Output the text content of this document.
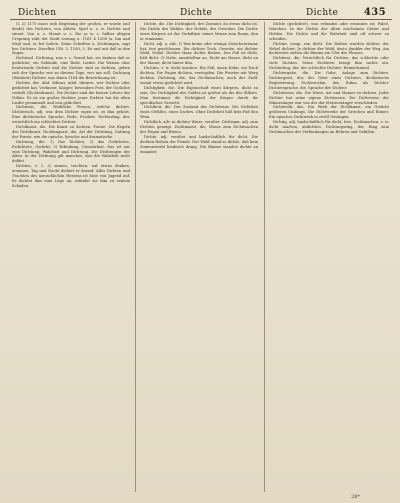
Dichten	Dichte	Dichte	435

(I, 2) 1175 muss rath Begehung der großen, er warde (auf denbt) des Dichters, von Ablehr, Spiel u. s. w. Dichtet und sinnet. Von u. s. Monat u. s. Die ja w. s. halber altigen Ursprung ruht der Stadt vermag u. 1161 4 1208 (a. hin und Meyl und, w. bet halten. Seine Schriften u. Dichtungen, sagt bes Dichters. Daselbst Ufh. 2. 1160, 5. Es und mit daß in den Sagen.

Dichtend. Dichtung, was v. s. Grund hat, sie denken daß er gedichtet; ein Gebäude, eine Rede, Lieder. Die Weisen ober bedeutende Dichter und die Dichter sind zu dichten, geben sich der Sprache wie zu diesem Tage, wer um soll; Dichtung (Weisheit) Dichter, was ihnen 1164 die Bezeichnung ist.

Dichter, der. Ahd. dihtari, mhd. tihtære, wer Dichter oder gedichtet hat, Verfasser, Sänger; besonders Poet, der Gedichte verfaßt (Dichterkunst). Die Dichter sind die besten Lehrer des Volkes. Er ist ein großer Dichter; jener Dichter hat die alten Lieder gesammelt und neu gedichtet.

Dichterin, die. Weibliche Person, welche dichtet. Dichterisch, adj. was dem Dichter eigen ist, zu ihm gehört. Eine dichterische Sprache, Rede, Freiheit. Dichterling, der, verächtlich ein schlechter Dichter.

Dichtkunst, die. Die Kunst zu dichten, Poesie. Die Regeln der Dichtkunst. Dichtungsart, die, Art der Dichtung, Gattung der Poesie, wie die epische, lyrische und dramatische.

Dichtung, die. 1) Das Dichten; 2) das Gedichtete, Erdichtete, Gedicht; 3) Erfindung, Unwahrheit. Das ist nur eine Dichtung. Wahrheit und Dichtung. Die Dichtungen der Alten. In der Dichtung gilt manches, was die Wahrheit nicht duldet.

Dichten, v. I, 2) sinnen, trachten, auf etwas denken, ersinnen. Tag und Nacht dichtet er darauf. Alles Dichten und Trachten des menschlichen Herzens ist böse von Jugend auf. Er dichtet ihm eine Lüge an, erfindet sie ihm zu seinem Schaden.

Dichte, die. Die Dichtigkeit, der Zustand, da etwas dicht ist. Die Dichte des Waldes, des Nebels, des Gewebes. Die Dichte eines Körpers ist das Verhältnis seiner Masse zum Raum, den er einnimmt.

Dicht, adj. u. adv. 1) Was keine oder wenige Zwischenräume hat, fest geschlossen. Ein dichtes Tuch, Gewebe, ein dichter Wald, Nebel. Dichtes Haar, dichte Reihen. Das Faß ist dicht, hält dicht. 2) Nahe, unmittelbar an. Dicht am Hause, dicht an der Mauer, dicht hinter ihm.

Dichten, v. tr. dicht machen. Ein Faß, einen Kahn, ein Dach dichten. Die Fugen dichten, verstopfen. Die Fenster mit Werg dichten. Dichtung, die, das Dichtmachen; auch der Stoff, womit etwas gedichtet wird.

Dichtigkeit, die. Die Eigenschaft eines Körpers, dicht zu sein. Die Dichtigkeit des Goldes ist größer als die des Silbers. Man bestimmt die Dichtigkeit der Körper durch ihr specifisches Gewicht.

Dichtheit, die. Der Zustand des Dichtseins. Die Dichtheit eines Gefäßes, eines Daches. Ohne Dichtheit hält kein Faß den Wein.

Dichtlich, adv. in dichter Weise; veraltet. Dichtsam, adj. zum Dichten geneigt. Dichtmasse, die, Masse zum Dichtmachen der Fugen und Ritzen.

Dichte, adj. veraltet und landschaftlich für dicht. Die dichten Reihen der Feinde. Der Wald stand so dichte, daß kein Sonnenstrahl hindurch drang. Die Bäume standen dichte an einander.

Dichte (gedichtet), was erfunden oder ersonnen ist; Fabel, Märchen. In der Dichte der Alten erscheinen Götter und Helden. Die Dichte und die Wahrheit sind oft schwer zu scheiden.

Dichter, comp. von dicht. Die Reihen wurden dichter, der Nebel dichter. Je dichter der Wald, desto dunkler der Weg. Am dichtesten stehen die Bäume am Ufer des Flusses.

Dichterei, die. Verächtlich für Dichten, das schlechte oder viele Dichten. Seine Dichterei bringt ihm nichts ein. Dichterling, der, der schlechte Dichter; Reimschmied.

Dichtergabe, die. Die Gabe, Anlage zum Dichten. Dichtergeist, der, der Geist eines Dichters, dichterische Begeisterung. Dichterruhm, der, Ruhm als Dichter. Dichtersprache, die, Sprache der Dichter.

Dichtweise, die. Die Weise, Art und Manier zu dichten. Jeder Dichter hat seine eigene Dichtweise. Die Dichtweise der Minnesänger war von der der Meistersänger verschieden.

Dichtwerk, das. Ein Werk der Dichtkunst, ein Gedicht größeren Umfangs. Die Dichtwerke der Griechen und Römer. Ein episches Dichtwerk in zwölf Gesängen.

Dichtig, adj. landschaftlich für dicht, fest. Dichtmachen, v. tr. dicht machen, abdichten. Dichtungsring, der, Ring zum Dichtmachen der Verbindungen an Röhren und Gefäßen.

28*
